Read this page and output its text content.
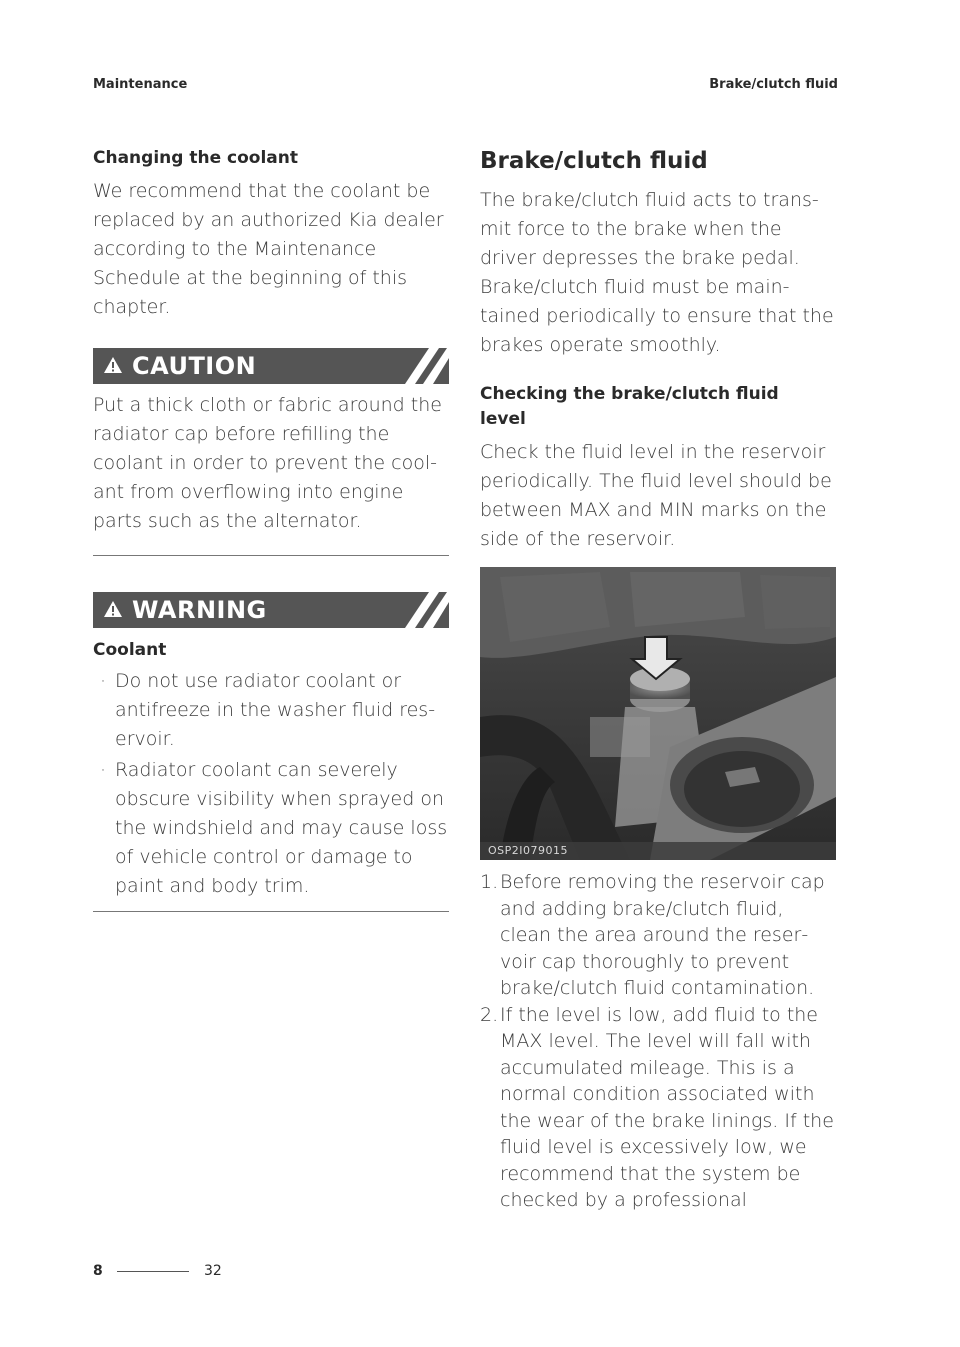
Maintenance	Brake/clutch fluid
Changing the coolant

We recommend that the coolant be replaced by an authorized Kia dealer according to the Maintenance Schedule at the beginning of this chapter.

CAUTION

Put a thick cloth or fabric around the radiator cap before refilling the coolant in order to prevent the coolant from overflowing into engine parts such as the alternator.

WARNING
Coolant
· Do not use radiator coolant or antifreeze in the washer fluid reservoir.
· Radiator coolant can severely obscure visibility when sprayed on the windshield and may cause loss of vehicle control or damage to paint and body trim.
Brake/clutch fluid

The brake/clutch fluid acts to transmit force to the brake when the driver depresses the brake pedal. Brake/clutch fluid must be maintained periodically to ensure that the brakes operate smoothly.

Checking the brake/clutch fluid level

Check the fluid level in the reservoir periodically. The fluid level should be between MAX and MIN marks on the side of the reservoir.

OSP2I079015
1. Before removing the reservoir cap and adding brake/clutch fluid, clean the area around the reservoir cap thoroughly to prevent brake/clutch fluid contamination.
2. If the level is low, add fluid to the MAX level. The level will fall with accumulated mileage. This is a normal condition associated with the wear of the brake linings. If the fluid level is excessively low, we recommend that the system be checked by a professional
8	32
